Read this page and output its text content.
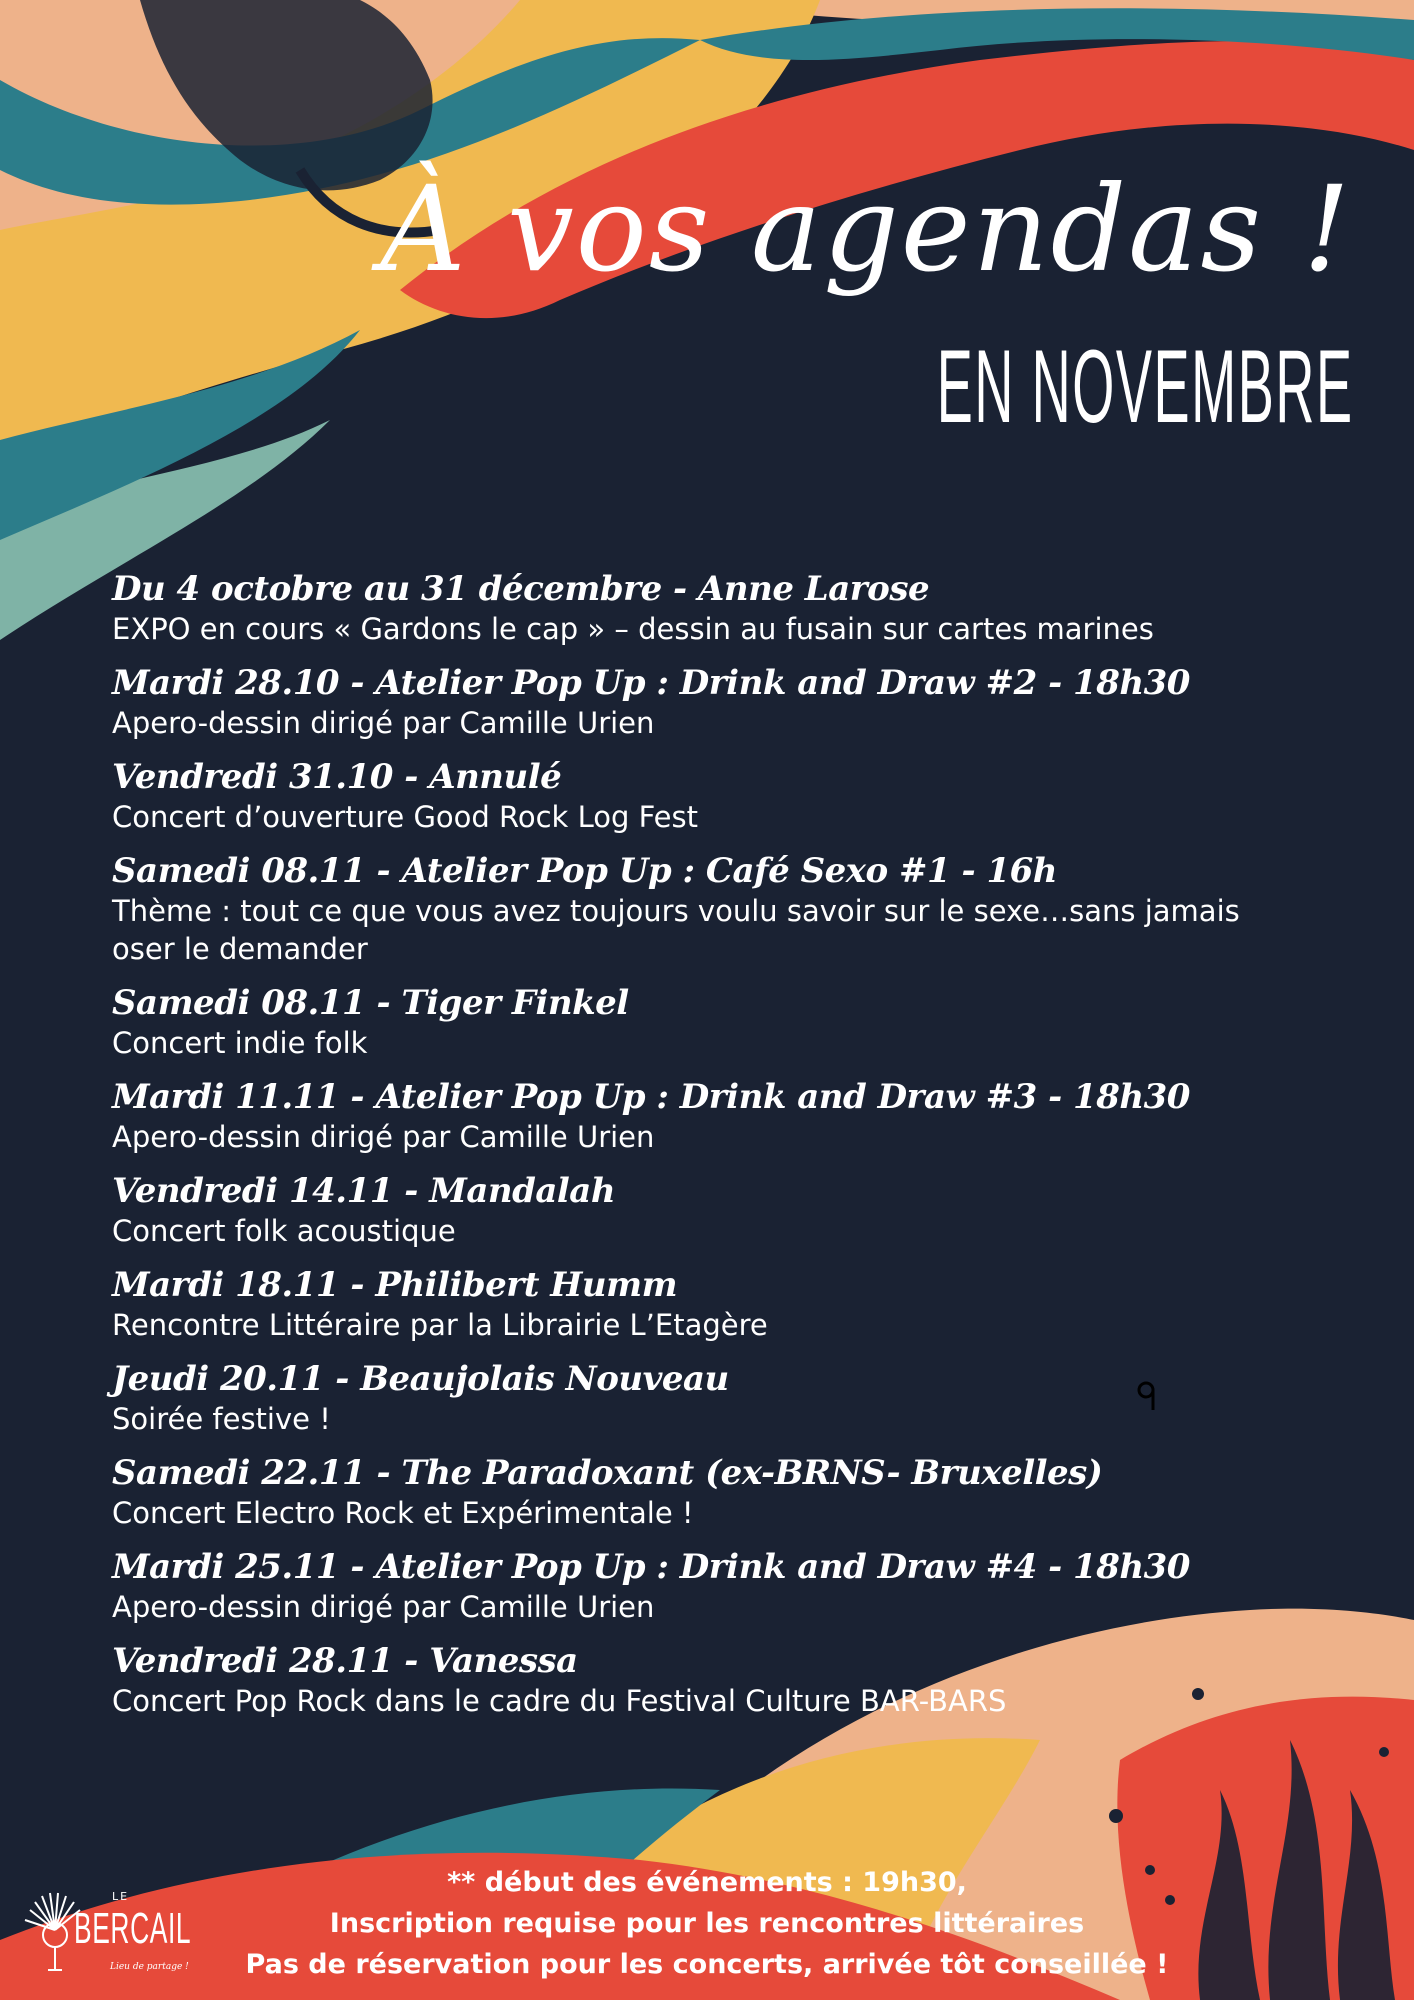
À vos agendas !
EN NOVEMBRE
Du 4 octobre au 31 décembre - Anne Larose
EXPO en cours « Gardons le cap » – dessin au fusain sur cartes marines
Mardi 28.10 - Atelier Pop Up : Drink and Draw #2 - 18h30
Apero-dessin dirigé par Camille Urien
Vendredi 31.10 - Annulé
Concert d’ouverture Good Rock Log Fest
Samedi 08.11 - Atelier Pop Up : Café Sexo #1 - 16h
Thème : tout ce que vous avez toujours voulu savoir sur le sexe…sans jamais oser le demander
Samedi 08.11 - Tiger Finkel
Concert indie folk
Mardi 11.11 - Atelier Pop Up : Drink and Draw #3 - 18h30
Apero-dessin dirigé par Camille Urien
Vendredi 14.11 - Mandalah
Concert folk acoustique
Mardi 18.11 - Philibert Humm
Rencontre Littéraire par la Librairie L’Etagère
Jeudi 20.11 - Beaujolais Nouveau
Soirée festive !
Samedi 22.11 - The Paradoxant (ex-BRNS- Bruxelles)
Concert Electro Rock et Expérimentale !
Mardi 25.11 - Atelier Pop Up : Drink and Draw #4 - 18h30
Apero-dessin dirigé par Camille Urien
Vendredi 28.11 - Vanessa
Concert Pop Rock dans le cadre du Festival Culture BAR-BARS
** début des événements : 19h30,
Inscription requise pour les rencontres littéraires
Pas de réservation pour les concerts, arrivée tôt conseillée !
LE
BERCAIL
Lieu de partage !
